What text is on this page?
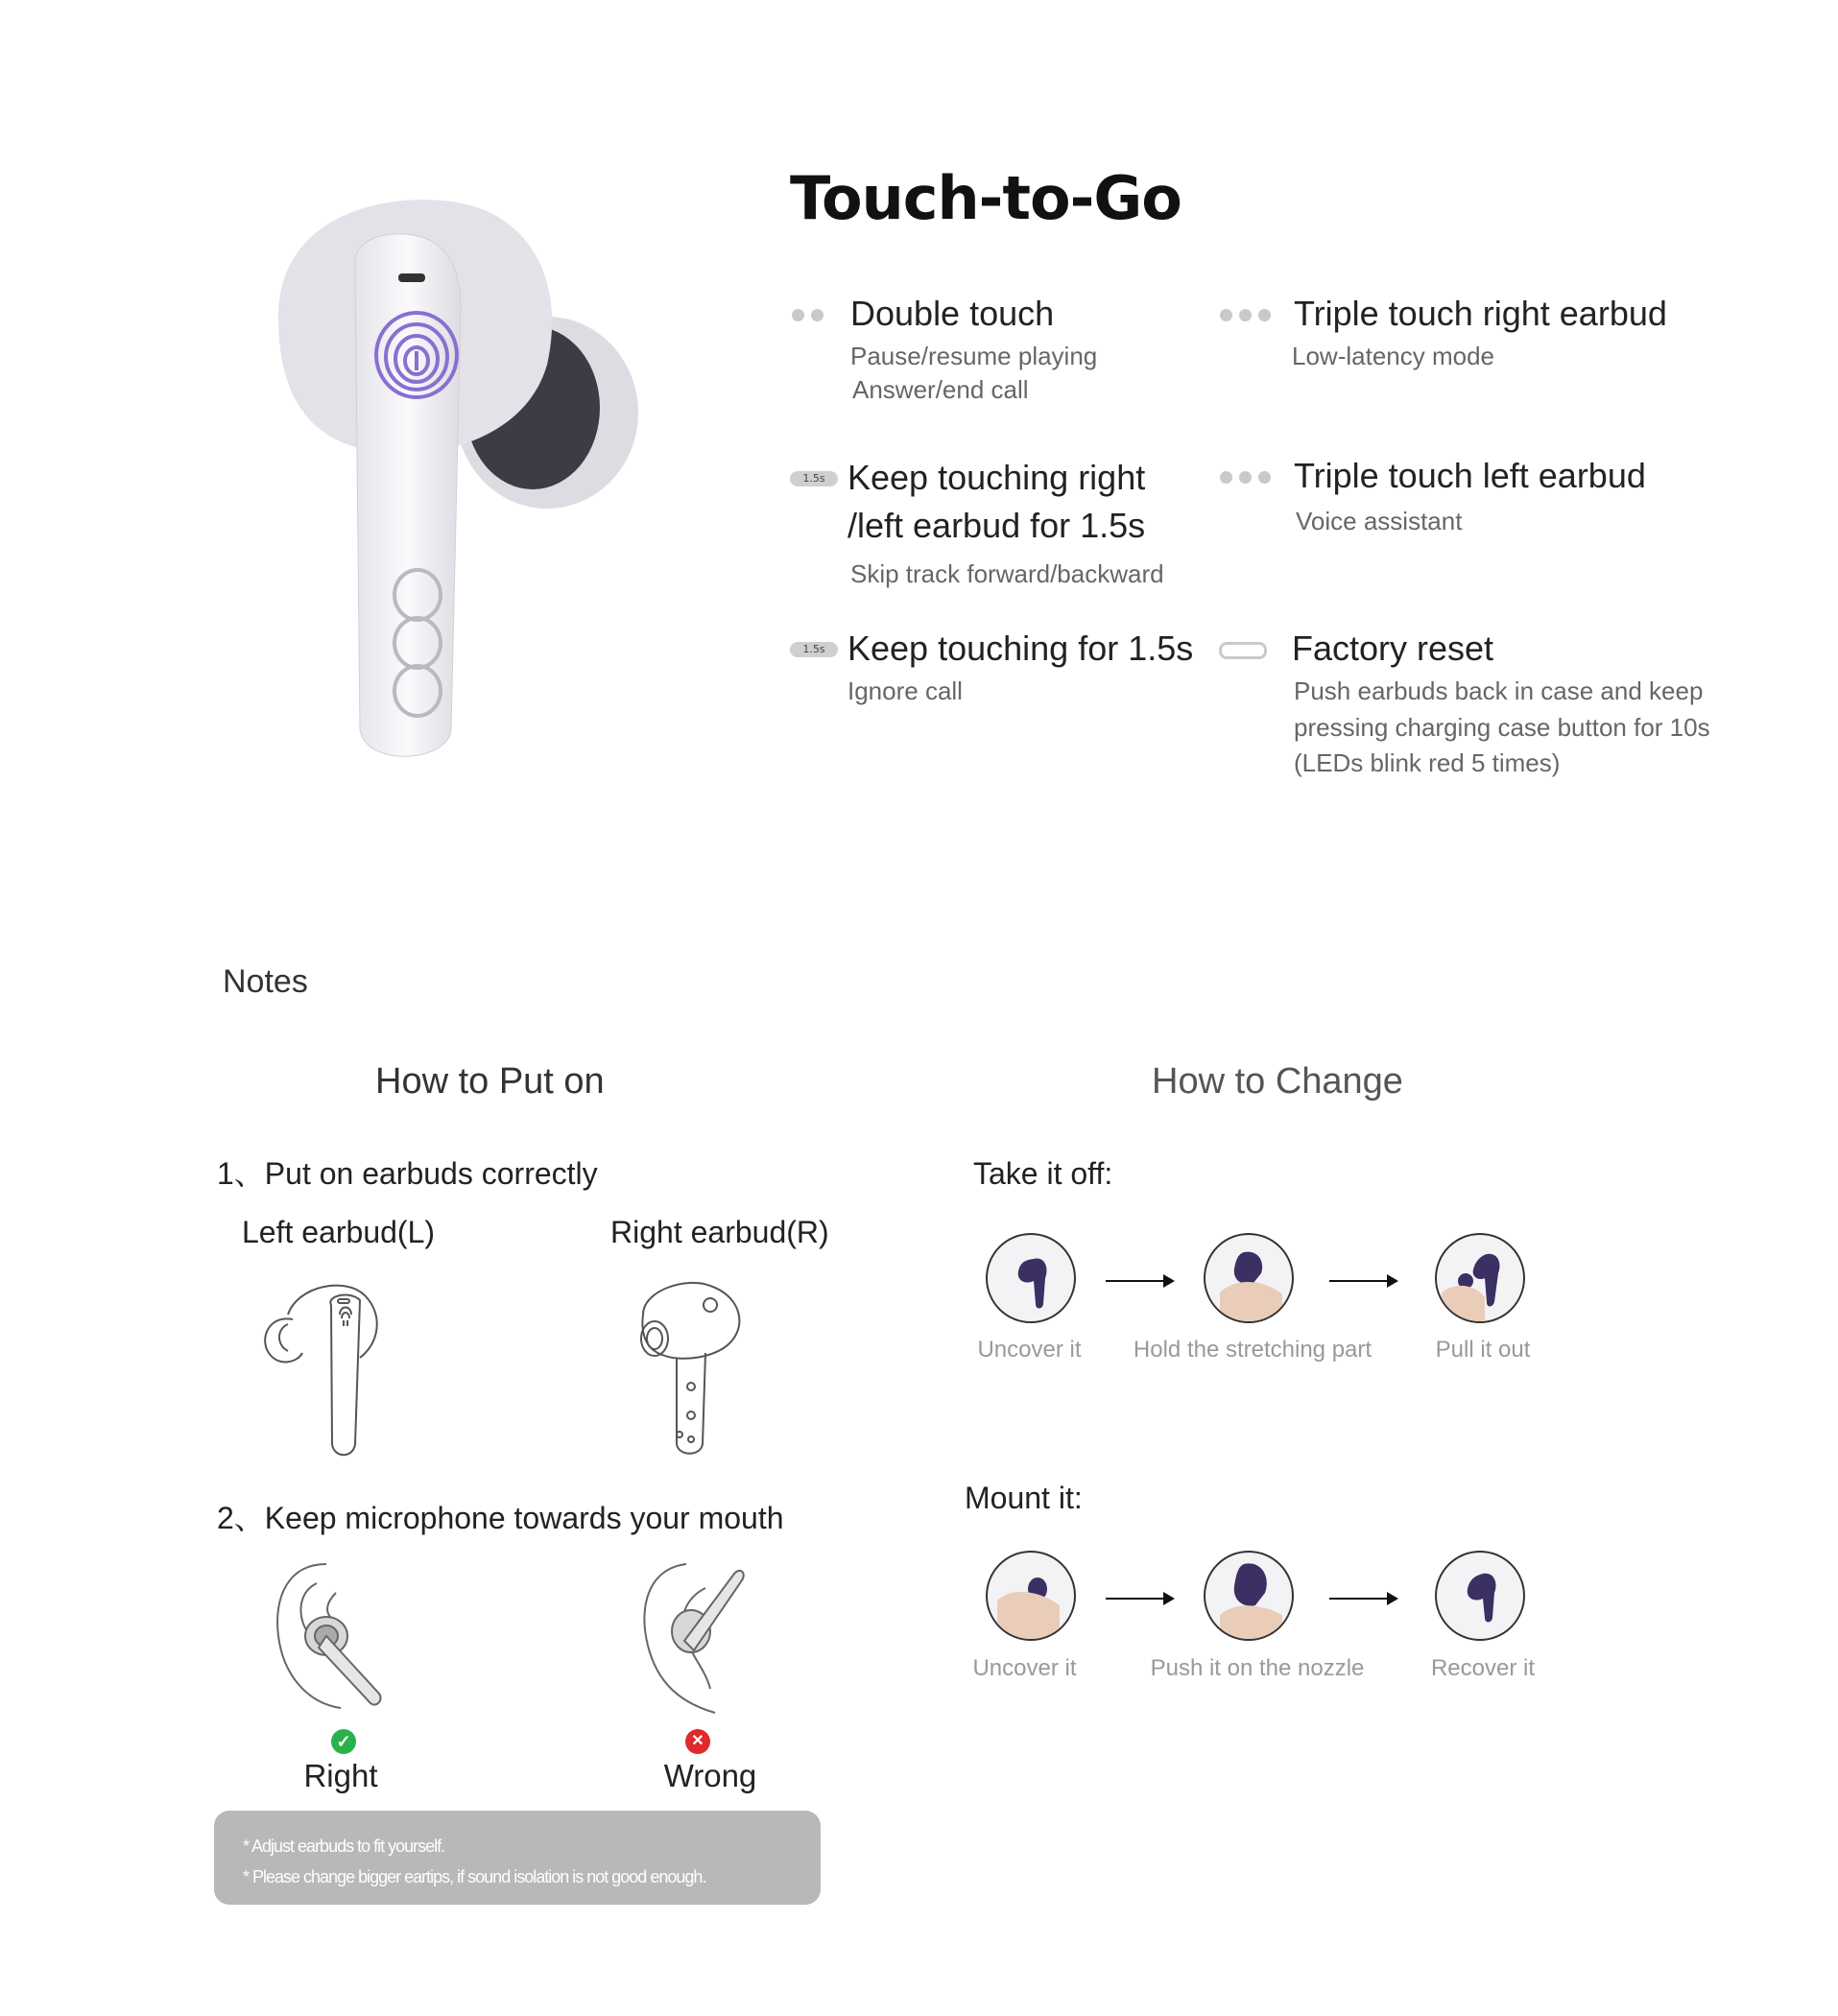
Touch-to-Go
Double touch
Pause/resume playing
Answer/end call
Triple touch right earbud
Low-latency mode
1.5s Keep touching right
/left earbud for 1.5s
Skip track forward/backward
Triple touch left earbud
Voice assistant
1.5s Keep touching for 1.5s
Ignore call
Factory reset
Push earbuds back in case and keep
pressing charging case button for 10s
(LEDs blink red 5 times)
Notes
How to Put on	How to Change
1、Put on earbuds correctly
Left earbud(L)	Right earbud(R)
2、Keep microphone towards your mouth
✓	✕
Right	Wrong
* Adjust earbuds to fit yourself.
* Please change bigger eartips, if sound isolation is not good enough.
Take it off:
Uncover it	Hold the stretching part	Pull it out
Mount it:
Uncover it	Push it on the nozzle	Recover it
